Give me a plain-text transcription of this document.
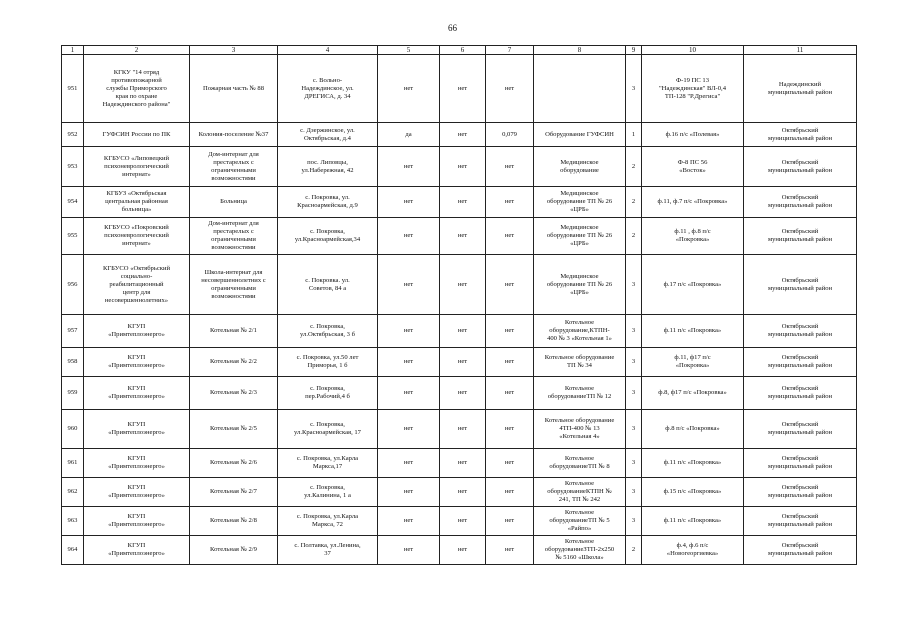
66
1	2	3	4	5	6	7	8	9	10	11

951	КГКУ "14 отряд
противопожарной
службы Приморского
края по охране
Надеждинского района"	Пожарная часть № 88	с. Вольно-
Надеждинское, ул.
ДРЕГИСА, д. 34	нет	нет	нет		3	Ф-19 ПС 13
"Надеждинская" ВЛ-0,4
ТП-128 "Р.Дрегиса"	Надеждинский
муниципальный район

952	ГУФСИН России по ПК	Колония-поселение №37	с. Дзержинское, ул.
Октябрьская, д.4	да	нет	0,079	Оборудование ГУФСИН	1	ф.16 п/с «Полевая»	Октябрьский
муниципальный район

953	КГБУСО «Липовецкий
психоневрологический
интернат»	Дом-интернат для
престарелых с
ограниченными
возможностями	пос. Липовцы,
ул.Набережная, 42	нет	нет	нет	Медицинское
оборудование	2	Ф-8 ПС 56
«Восток»	Октябрьский
муниципальный район

954	КГБУЗ «Октябрьская
центральная районная
больница»	Больница	с. Покровка, ул.
Красноармейская, д.9	нет	нет	нет	Медицинское
оборудование ТП № 26
«ЦРБ»	2	ф.11, ф.7 п/с «Покровка»	Октябрьский
муниципальный район

955	КГБУСО «Покровский
психоневрологический
интернат»	Дом-интернат для
престарелых с
ограниченными
возможностями	с. Покровка,
ул.Красноармейская,34	нет	нет	нет	Медицинское
оборудование ТП № 26
«ЦРБ»	2	ф.11 , ф.8 п/с
«Покровка»	Октябрьский
муниципальный район

956	КГБУСО «Октябрьский
социально-
реабилитационный
центр для
несовершеннолетних»	Школа-интернат для
несовершеннолетних с
ограниченными
возможностями	с. Покровка. ул.
Советов, 84 а	нет	нет	нет	Медицинское
оборудование ТП № 26
«ЦРБ»	3	ф.17 п/с «Покровка»	Октябрьский
муниципальный район

957	КГУП
«Примтеплоэнерго»	Котельная № 2/1	с. Покровка,
ул.Октябрьская, 3 б	нет	нет	нет	Котельное
оборудование,КТПН-
400 № 3 «Котельная 1»	3	ф.11 п/с «Покровка»	Октябрьский
муниципальный район

958	КГУП
«Примтеплоэнерго»	Котельная № 2/2	с. Покровка, ул.50 лет
Приморья, 1 б	нет	нет	нет	Котельное оборудование
ТП № 34	3	ф.11, ф17 п/с
«Покровка»	Октябрьский
муниципальный район

959	КГУП
«Примтеплоэнерго»	Котельная № 2/3	с. Покровка,
пер.Рабочий,4 б	нет	нет	нет	Котельное
оборудованиеТП № 12	3	ф.8, ф17 п/с «Покровка»	Октябрьский
муниципальный район

960	КГУП
«Примтеплоэнерго»	Котельная № 2/5	с. Покровка,
ул.Красноармейская, 17	нет	нет	нет	Котельное оборудование
4ТП-400 № 13
«Котельная 4»	3	ф.8 п/с «Покровка»	Октябрьский
муниципальный район

961	КГУП
«Примтеплоэнерго»	Котельная № 2/6	с. Покровка, ул.Карла
Маркса,17	нет	нет	нет	Котельное
оборудованиеТП № 8	3	ф.11 п/с «Покровка»	Октябрьский
муниципальный район

962	КГУП
«Примтеплоэнерго»	Котельная № 2/7	с. Покровка,
ул.Калинина, 1 а	нет	нет	нет	Котельное
оборудованиеКТПН №
241, ТП № 242	3	ф.15 п/с «Покровка»	Октябрьский
муниципальный район

963	КГУП
«Примтеплоэнерго»	Котельная № 2/8	с. Покровка, ул.Карла
Маркса, 72	нет	нет	нет	Котельное
оборудованиеТП № 5
«Райпо»	3	ф.11 п/с «Покровка»	Октябрьский
муниципальный район

964	КГУП
«Примтеплоэнерго»	Котельная № 2/9	с. Полтавка, ул.Ленина,
37	нет	нет	нет	Котельное
оборудованиеЗТП-2х250
№ 5160 «Школа»	2	ф.4, ф.6 п/с
«Новогеоргиевка»	Октябрьский
муниципальный район
